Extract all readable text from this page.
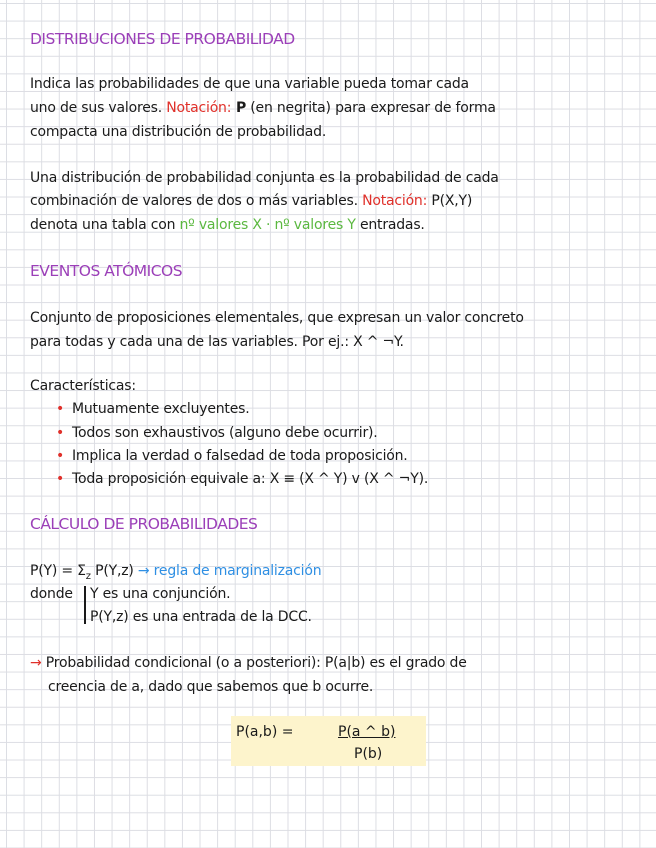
DISTRIBUCIONES DE PROBABILIDAD
Indica las probabilidades de que una variable pueda tomar cada
uno de sus valores. Notación: P (en negrita) para expresar de forma
compacta una distribución de probabilidad.
Una distribución de probabilidad conjunta es la probabilidad de cada
combinación de valores de dos o más variables. Notación: P(X,Y)
denota una tabla con nº valores X · nº valores Y entradas.
EVENTOS ATÓMICOS
Conjunto de proposiciones elementales, que expresan un valor concreto
para todas y cada una de las variables. Por ej.: X ^ ¬Y.
Características:
• Mutuamente excluyentes.
• Todos son exhaustivos (alguno debe ocurrir).
• Implica la verdad o falsedad de toda proposición.
• Toda proposición equivale a: X ≡ (X ^ Y) v (X ^ ¬Y).
CÁLCULO DE PROBABILIDADES
$P(Y) = \Sigma_z$ P(Y,z) → regla de marginalización
donde Y es una conjunción.
P(Y,z) es una entrada de la DCC.
→ Probabilidad condicional (o a posteriori): P(a|b) es el grado de
creencia de a, dado que sabemos que b ocurre.
P(a,b) =	P(a ^ b)
P(b)
